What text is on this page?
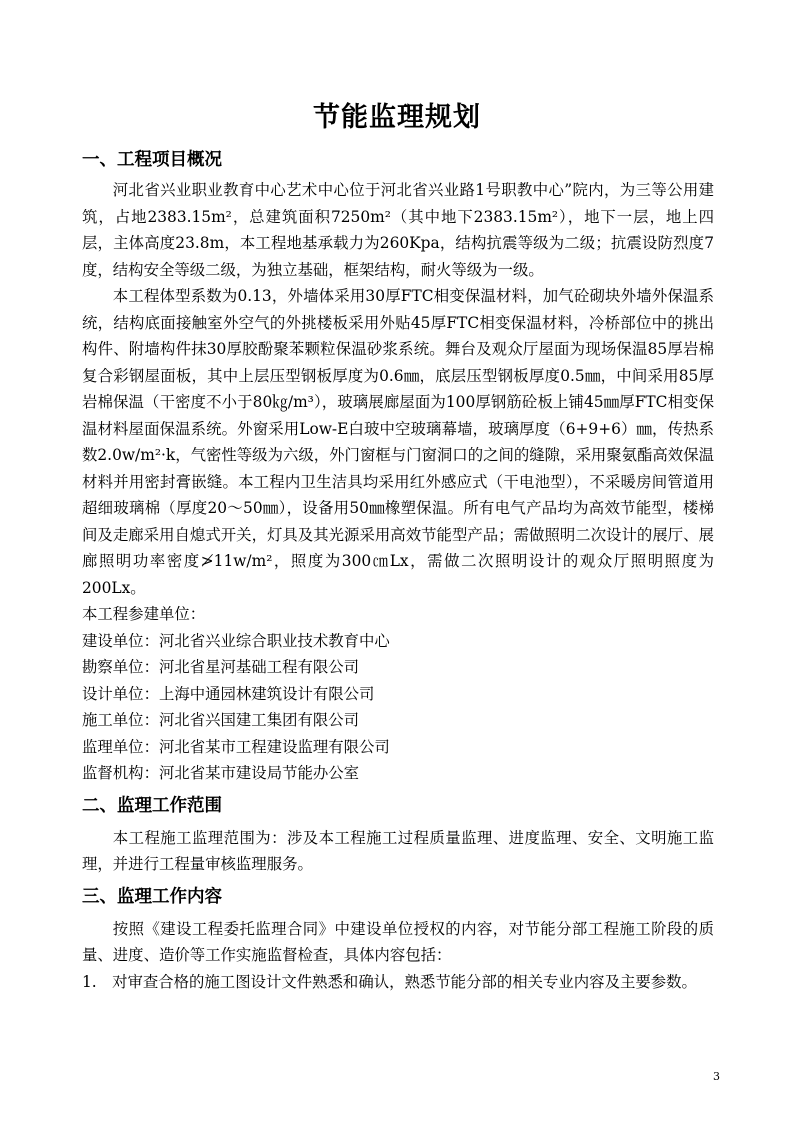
节能监理规划
一、工程项目概况

河北省兴业职业教育中心艺术中心位于河北省兴业路1号职教中心”院内，为三等公用建筑，占地2383.15m²，总建筑面积7250m²（其中地下2383.15m²），地下一层，地上四层，主体高度23.8m，本工程地基承载力为260Kpa，结构抗震等级为二级；抗震设防烈度7度，结构安全等级二级，为独立基础，框架结构，耐火等级为一级。

本工程体型系数为0.13，外墙体采用30厚FTC相变保温材料，加气砼砌块外墙外保温系统，结构底面接触室外空气的外挑楼板采用外贴45厚FTC相变保温材料，冷桥部位中的挑出构件、附墙构件抹30厚胶酚聚苯颗粒保温砂浆系统。舞台及观众厅屋面为现场保温85厚岩棉复合彩钢屋面板，其中上层压型钢板厚度为0.6㎜，底层压型钢板厚度0.5㎜，中间采用85厚岩棉保温（干密度不小于80㎏/m³），玻璃展廊屋面为100厚钢筋砼板上铺45㎜厚FTC相变保温材料屋面保温系统。外窗采用Low-E白玻中空玻璃幕墙，玻璃厚度（6+9+6）㎜，传热系数2.0w/m²·k，气密性等级为六级，外门窗框与门窗洞口的之间的缝隙，采用聚氨酯高效保温材料并用密封膏嵌缝。本工程内卫生洁具均采用红外感应式（干电池型），不采暖房间管道用超细玻璃棉（厚度20～50㎜），设备用50㎜橡塑保温。所有电气产品均为高效节能型，楼梯间及走廊采用自熄式开关，灯具及其光源采用高效节能型产品；需做照明二次设计的展厅、展廊照明功率密度≯11w/m²，照度为300㎝Lx，需做二次照明设计的观众厅照明照度为200Lx。

本工程参建单位：

建设单位：河北省兴业综合职业技术教育中心

勘察单位：河北省星河基础工程有限公司

设计单位：上海中通园林建筑设计有限公司

施工单位：河北省兴国建工集团有限公司

监理单位：河北省某市工程建设监理有限公司

监督机构：河北省某市建设局节能办公室

二、监理工作范围

本工程施工监理范围为：涉及本工程施工过程质量监理、进度监理、安全、文明施工监理，并进行工程量审核监理服务。

三、监理工作内容

按照《建设工程委托监理合同》中建设单位授权的内容，对节能分部工程施工阶段的质量、进度、造价等工作实施监督检查，具体内容包括：

1.　对审查合格的施工图设计文件熟悉和确认，熟悉节能分部的相关专业内容及主要参数。

3
